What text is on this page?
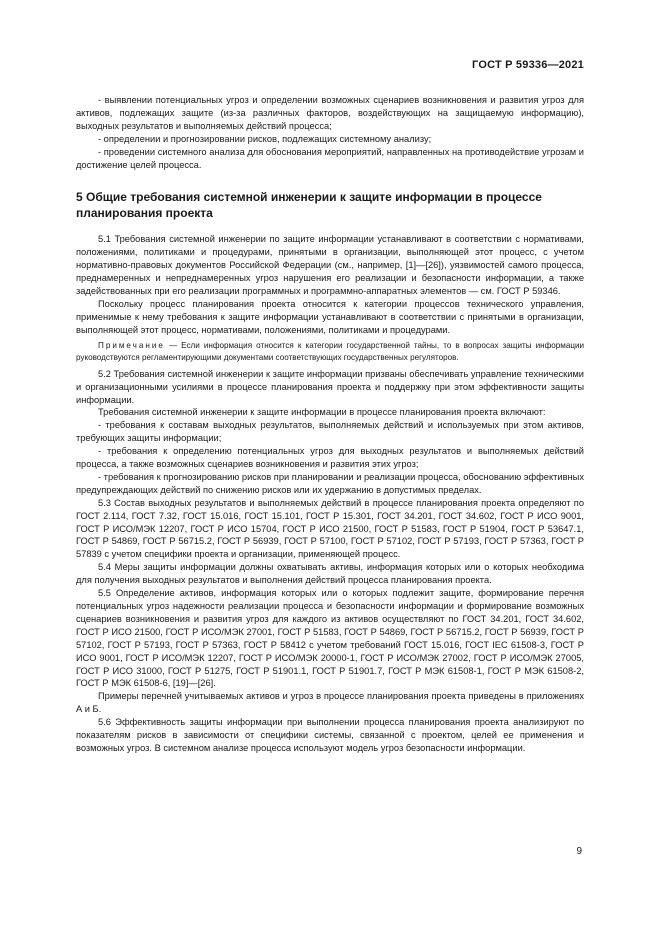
ГОСТ Р 59336—2021

- выявлении потенциальных угроз и определении возможных сценариев возникновения и развития угроз для активов, подлежащих защите (из-за различных факторов, воздействующих на защищаемую информацию), выходных результатов и выполняемых действий процесса;

- определении и прогнозировании рисков, подлежащих системному анализу;

- проведении системного анализа для обоснования мероприятий, направленных на противодействие угрозам и достижение целей процесса.

5 Общие требования системной инженерии к защите информации в процессе планирования проекта

5.1 Требования системной инженерии по защите информации устанавливают в соответствии с нормативами, положениями, политиками и процедурами, принятыми в организации, выполняющей этот процесс, с учетом нормативно-правовых документов Российской Федерации (см., например, [1]—[26]), уязвимостей самого процесса, преднамеренных и непреднамеренных угроз нарушения его реализации и безопасности информации, а также задействованных при его реализации программных и программно-аппаратных элементов — см. ГОСТ Р 59346.

Поскольку процесс планирования проекта относится к категории процессов технического управления, применимые к нему требования к защите информации устанавливают в соответствии с принятыми в организации, выполняющей этот процесс, нормативами, положениями, политиками и процедурами.

Примечание — Если информация относится к категории государственной тайны, то в вопросах защиты информации руководствуются регламентирующими документами соответствующих государственных регуляторов.

5.2 Требования системной инженерии к защите информации призваны обеспечивать управление техническими и организационными усилиями в процессе планирования проекта и поддержку при этом эффективности защиты информации.

Требования системной инженерии к защите информации в процессе планирования проекта включают:

- требования к составам выходных результатов, выполняемых действий и используемых при этом активов, требующих защиты информации;

- требования к определению потенциальных угроз для выходных результатов и выполняемых действий процесса, а также возможных сценариев возникновения и развития этих угроз;

- требования к прогнозированию рисков при планировании и реализации процесса, обоснованию эффективных предупреждающих действий по снижению рисков или их удержанию в допустимых пределах.

5.3 Состав выходных результатов и выполняемых действий в процессе планирования проекта определяют по ГОСТ 2.114, ГОСТ 7.32, ГОСТ 15.016, ГОСТ 15.101, ГОСТ Р 15.301, ГОСТ 34.201, ГОСТ 34.602, ГОСТ Р ИСО 9001, ГОСТ Р ИСО/МЭК 12207, ГОСТ Р ИСО 15704, ГОСТ Р ИСО 21500, ГОСТ Р 51583, ГОСТ Р 51904, ГОСТ Р 53647.1, ГОСТ Р 54869, ГОСТ Р 56715.2, ГОСТ Р 56939, ГОСТ Р 57100, ГОСТ Р 57102, ГОСТ Р 57193, ГОСТ Р 57363, ГОСТ Р 57839 с учетом специфики проекта и организации, применяющей процесс.

5.4 Меры защиты информации должны охватывать активы, информация которых или о которых необходима для получения выходных результатов и выполнения действий процесса планирования проекта.

5.5 Определение активов, информация которых или о которых подлежит защите, формирование перечня потенциальных угроз надежности реализации процесса и безопасности информации и формирование возможных сценариев возникновения и развития угроз для каждого из активов осуществляют по ГОСТ 34.201, ГОСТ 34.602, ГОСТ Р ИСО 21500, ГОСТ Р ИСО/МЭК 27001, ГОСТ Р 51583, ГОСТ Р 54869, ГОСТ Р 56715.2, ГОСТ Р 56939, ГОСТ Р 57102, ГОСТ Р 57193, ГОСТ Р 57363, ГОСТ Р 58412 с учетом требований ГОСТ 15.016, ГОСТ IEC 61508-3, ГОСТ Р ИСО 9001, ГОСТ Р ИСО/МЭК 12207, ГОСТ Р ИСО/МЭК 20000-1, ГОСТ Р ИСО/МЭК 27002, ГОСТ Р ИСО/МЭК 27005, ГОСТ Р ИСО 31000, ГОСТ Р 51275, ГОСТ Р 51901.1, ГОСТ Р 51901.7, ГОСТ Р МЭК 61508-1, ГОСТ Р МЭК 61508-2, ГОСТ Р МЭК 61508-6, [19]—[26].

Примеры перечней учитываемых активов и угроз в процессе планирования проекта приведены в приложениях А и Б.

5.6 Эффективность защиты информации при выполнении процесса планирования проекта анализируют по показателям рисков в зависимости от специфики системы, связанной с проектом, целей ее применения и возможных угроз. В системном анализе процесса используют модель угроз безопасности информации.

9
